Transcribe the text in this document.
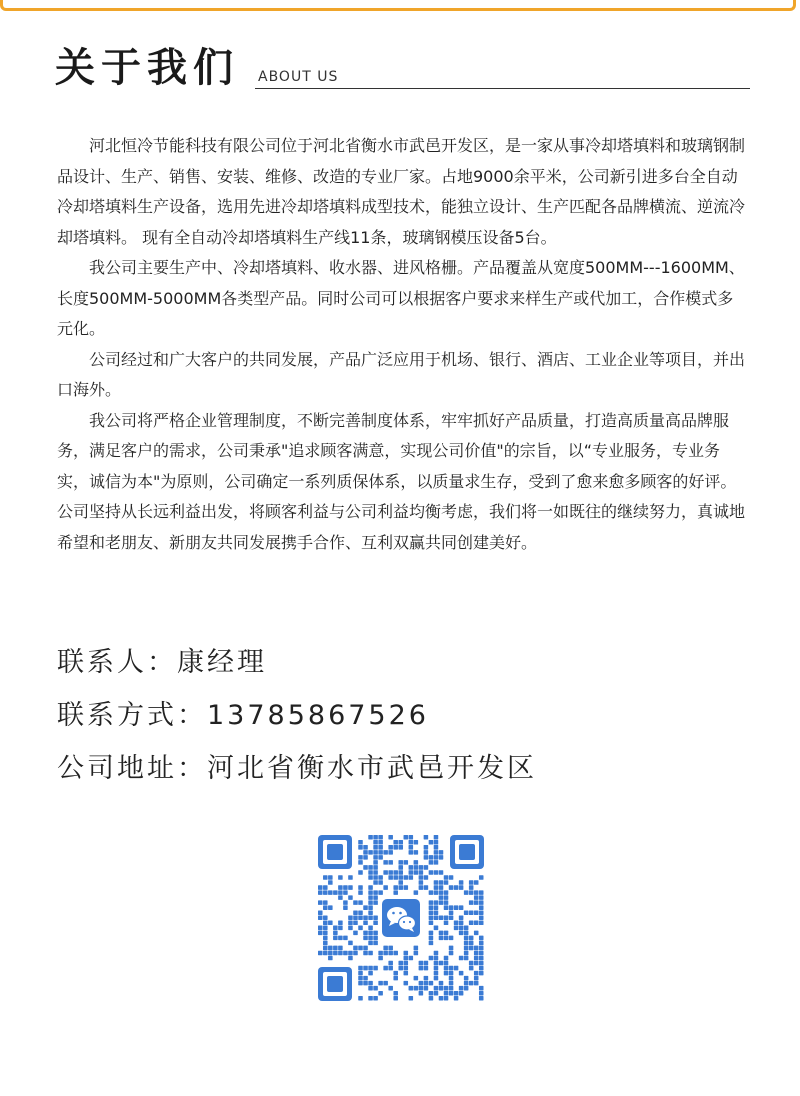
关于我们 ABOUT US

河北恒冷节能科技有限公司位于河北省衡水市武邑开发区，是一家从事冷却塔填料和玻璃钢制品设计、生产、销售、安装、维修、改造的专业厂家。占地9000余平米，公司新引进多台全自动冷却塔填料生产设备，选用先进冷却塔填料成型技术，能独立设计、生产匹配各品牌横流、逆流冷却塔填料。 现有全自动冷却塔填料生产线11条，玻璃钢模压设备5台。

我公司主要生产中、冷却塔填料、收水器、进风格栅。产品覆盖从宽度500MM---1600MM、长度500MM-5000MM各类型产品。同时公司可以根据客户要求来样生产或代加工，合作模式多元化。

公司经过和广大客户的共同发展，产品广泛应用于机场、银行、酒店、工业企业等项目，并出口海外。

我公司将严格企业管理制度，不断完善制度体系，牢牢抓好产品质量，打造高质量高品牌服务，满足客户的需求，公司秉承"追求顾客满意，实现公司价值"的宗旨，以“专业服务，专业务实，诚信为本"为原则，公司确定一系列质保体系，以质量求生存，受到了愈来愈多顾客的好评。公司坚持从长远利益出发，将顾客利益与公司利益均衡考虑，我们将一如既往的继续努力，真诚地希望和老朋友、新朋友共同发展携手合作、互利双赢共同创建美好。

联系人：康经理
联系方式：13785867526
公司地址：河北省衡水市武邑开发区
